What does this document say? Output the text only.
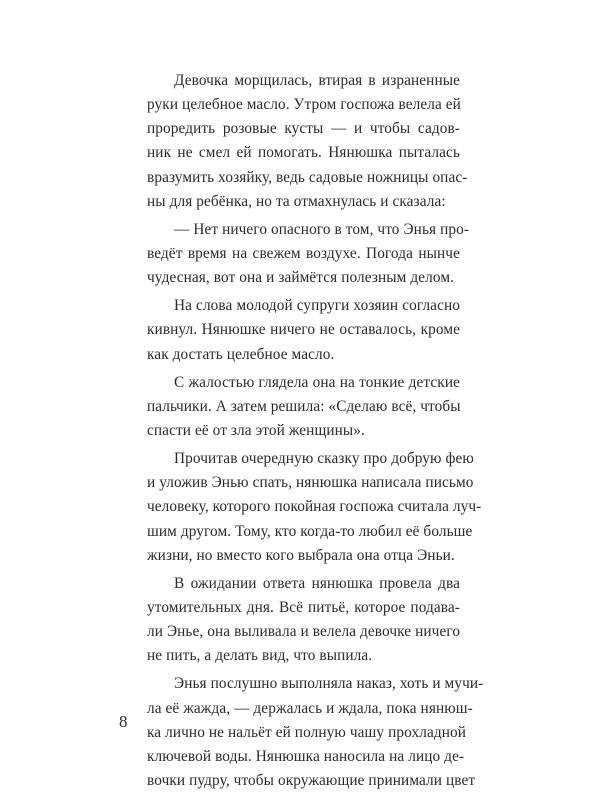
Девочка морщилась, втирая в израненные
руки целебное масло. Утром госпожа велела ей
проредить розовые кусты — и чтобы садов-
ник не смел ей помогать. Нянюшка пыталась
вразумить хозяйку, ведь садовые ножницы опас-
ны для ребёнка, но та отмахнулась и сказала:
— Нет ничего опасного в том, что Энья про-
ведёт время на свежем воздухе. Погода нынче
чудесная, вот она и займётся полезным делом.
На слова молодой супруги хозяин согласно
кивнул. Нянюшке ничего не оставалось, кроме
как достать целебное масло.
С жалостью глядела она на тонкие детские
пальчики. А затем решила: «Сделаю всё, чтобы
спасти её от зла этой женщины».
Прочитав очередную сказку про добрую фею
и уложив Энью спать, нянюшка написала письмо
человеку, которого покойная госпожа считала луч-
шим другом. Тому, кто когда-то любил её больше
жизни, но вместо кого выбрала она отца Эньи.
В ожидании ответа нянюшка провела два
утомительных дня. Всё питьё, которое подава-
ли Энье, она выливала и велела девочке ничего
не пить, а делать вид, что выпила.
Энья послушно выполняла наказ, хоть и мучи-
ла её жажда, — держалась и ждала, пока нянюш-
ка лично не нальёт ей полную чашу прохладной
ключевой воды. Нянюшка наносила на лицо де-
вочки пудру, чтобы окружающие принимали цвет
8
